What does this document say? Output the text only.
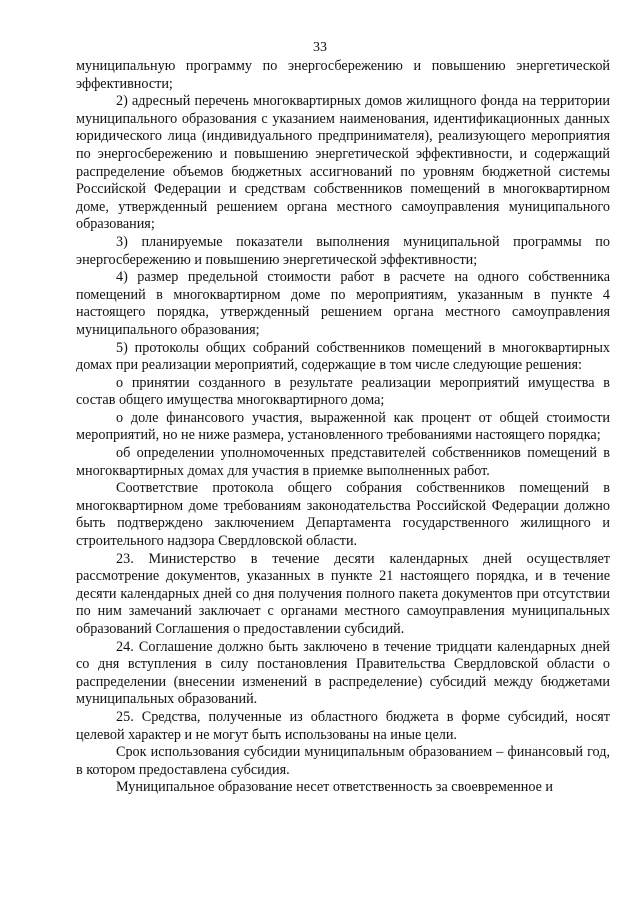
33

муниципальную программу по энергосбережению и повышению энергетической эффективности;

2) адресный перечень многоквартирных домов жилищного фонда на территории муниципального образования с указанием наименования, идентификационных данных юридического лица (индивидуального предпринимателя), реализующего мероприятия по энергосбережению и повышению энергетической эффективности, и содержащий распределение объемов бюджетных ассигнований по уровням бюджетной системы Российской Федерации и средствам собственников помещений в многоквартирном доме, утвержденный решением органа местного самоуправления муниципального образования;

3) планируемые показатели выполнения муниципальной программы по энергосбережению и повышению энергетической эффективности;

4) размер предельной стоимости работ в расчете на одного собственника помещений в многоквартирном доме по мероприятиям, указанным в пункте 4 настоящего порядка, утвержденный решением органа местного самоуправления муниципального образования;

5) протоколы общих собраний собственников помещений в многоквартирных домах при реализации мероприятий, содержащие в том числе следующие решения:

о принятии созданного в результате реализации мероприятий имущества в состав общего имущества многоквартирного дома;

о доле финансового участия, выраженной как процент от общей стоимости мероприятий, но не ниже размера, установленного требованиями настоящего порядка;

об определении уполномоченных представителей собственников помещений в многоквартирных домах для участия в приемке выполненных работ.

Соответствие протокола общего собрания собственников помещений в многоквартирном доме требованиям законодательства Российской Федерации должно быть подтверждено заключением Департамента государственного жилищного и строительного надзора Свердловской области.

23. Министерство в течение десяти календарных дней осуществляет рассмотрение документов, указанных в пункте 21 настоящего порядка, и в течение десяти календарных дней со дня получения полного пакета документов при отсутствии по ним замечаний заключает с органами местного самоуправления муниципальных образований Соглашения о предоставлении субсидий.

24. Соглашение должно быть заключено в течение тридцати календарных дней со дня вступления в силу постановления Правительства Свердловской области о распределении (внесении изменений в распределение) субсидий между бюджетами муниципальных образований.

25. Средства, полученные из областного бюджета в форме субсидий, носят целевой характер и не могут быть использованы на иные цели.

Срок использования субсидии муниципальным образованием – финансовый год, в котором предоставлена субсидия.

Муниципальное образование несет ответственность за своевременное и
